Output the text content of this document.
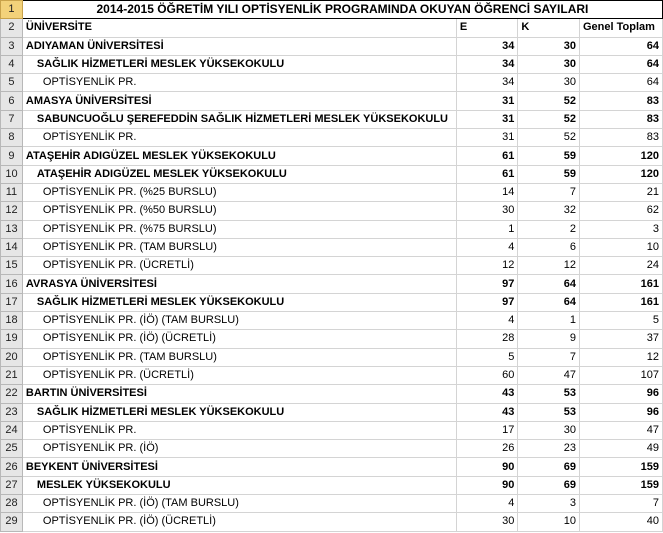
1	2014-2015 ÖĞRETİM YILI OPTİSYENLİK PROGRAMINDA OKUYAN ÖĞRENCİ SAYILARI			
2	ÜNİVERSİTE	E	K	Genel Toplam
3	ADIYAMAN ÜNİVERSİTESİ	34	30	64
4	SAĞLIK HİZMETLERİ MESLEK YÜKSEKOKULU	34	30	64
5	OPTİSYENLİK PR.	34	30	64
6	AMASYA ÜNİVERSİTESİ	31	52	83
7	SABUNCUOĞLU ŞEREFEDDİN SAĞLIK HİZMETLERİ MESLEK YÜKSEKOKULU	31	52	83
8	OPTİSYENLİK PR.	31	52	83
9	ATAŞEHİR ADIGÜZEL MESLEK YÜKSEKOKULU	61	59	120
10	ATAŞEHİR ADIGÜZEL MESLEK YÜKSEKOKULU	61	59	120
11	OPTİSYENLİK PR. (%25 BURSLU)	14	7	21
12	OPTİSYENLİK PR. (%50 BURSLU)	30	32	62
13	OPTİSYENLİK PR. (%75 BURSLU)	1	2	3
14	OPTİSYENLİK PR. (TAM BURSLU)	4	6	10
15	OPTİSYENLİK PR. (ÜCRETLİ)	12	12	24
16	AVRASYA ÜNİVERSİTESİ	97	64	161
17	SAĞLIK HİZMETLERİ MESLEK YÜKSEKOKULU	97	64	161
18	OPTİSYENLİK PR. (İÖ) (TAM BURSLU)	4	1	5
19	OPTİSYENLİK PR. (İÖ) (ÜCRETLİ)	28	9	37
20	OPTİSYENLİK PR. (TAM BURSLU)	5	7	12
21	OPTİSYENLİK PR. (ÜCRETLİ)	60	47	107
22	BARTIN ÜNİVERSİTESİ	43	53	96
23	SAĞLIK HİZMETLERİ MESLEK YÜKSEKOKULU	43	53	96
24	OPTİSYENLİK PR.	17	30	47
25	OPTİSYENLİK PR. (İÖ)	26	23	49
26	BEYKENT ÜNİVERSİTESİ	90	69	159
27	MESLEK YÜKSEKOKULU	90	69	159
28	OPTİSYENLİK PR. (İÖ) (TAM BURSLU)	4	3	7
29	OPTİSYENLİK PR. (İÖ) (ÜCRETLİ)	30	10	40
